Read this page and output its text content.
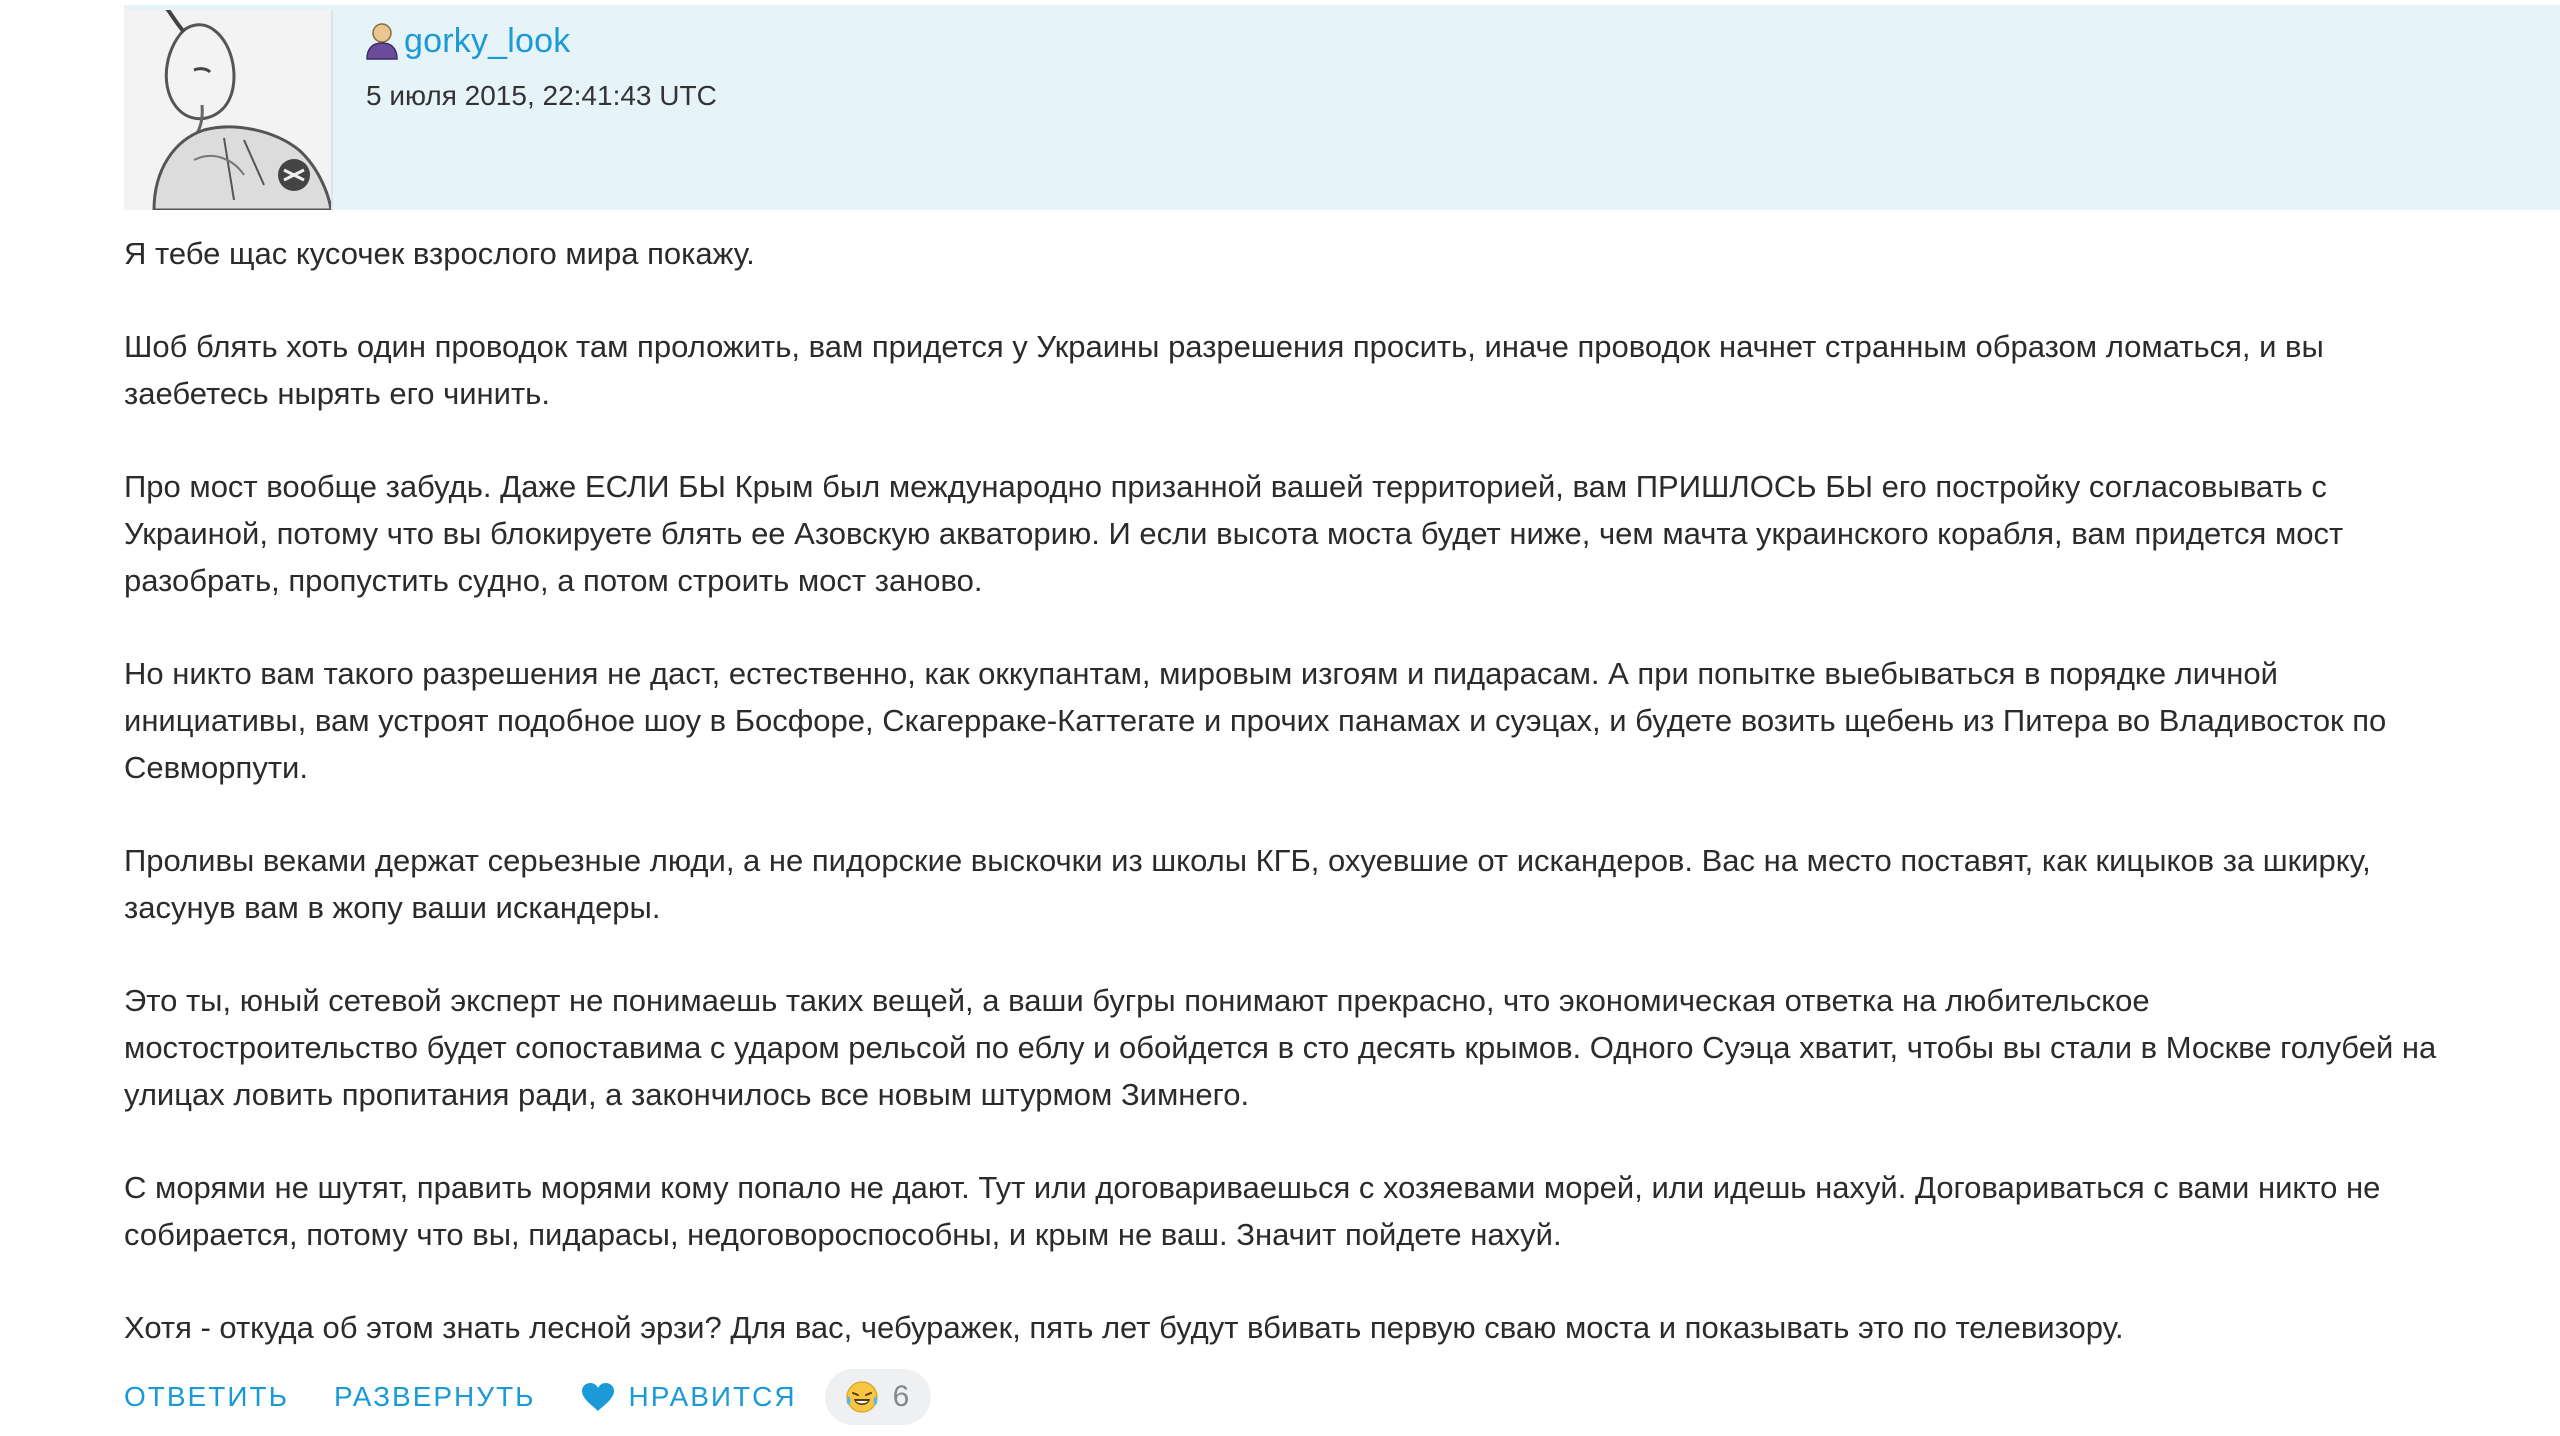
gorky_look
5 июля 2015, 22:41:43 UTC

Я тебе щас кусочек взрослого мира покажу.

Шоб блять хоть один проводок там проложить, вам придется у Украины разрешения просить, иначе проводок начнет странным образом ломаться, и вы заебетесь нырять его чинить.

Про мост вообще забудь. Даже ЕСЛИ БЫ Крым был международно призанной вашей территорией, вам ПРИШЛОСЬ БЫ его постройку согласовывать с Украиной, потому что вы блокируете блять ее Азовскую акваторию. И если высота моста будет ниже, чем мачта украинского корабля, вам придется мост разобрать, пропустить судно, а потом строить мост заново.

Но никто вам такого разрешения не даст, естественно, как оккупантам, мировым изгоям и пидарасам. А при попытке выебываться в порядке личной инициативы, вам устроят подобное шоу в Босфоре, Скагерраке-Каттегате и прочих панамах и суэцах, и будете возить щебень из Питера во Владивосток по Севморпути.

Проливы веками держат серьезные люди, а не пидорские выскочки из школы КГБ, охуевшие от искандеров. Вас на место поставят, как кицыков за шкирку, засунув вам в жопу ваши искандеры.

Это ты, юный сетевой эксперт не понимаешь таких вещей, а ваши бугры понимают прекрасно, что экономическая ответка на любительское мостостроительство будет сопоставима с ударом рельсой по еблу и обойдется в сто десять крымов. Одного Суэца хватит, чтобы вы стали в Москве голубей на улицах ловить пропитания ради, а закончилось все новым штурмом Зимнего.

С морями не шутят, править морями кому попало не дают. Тут или договариваешься с хозяевами морей, или идешь нахуй. Договариваться с вами никто не собирается, потому что вы, пидарасы, недоговороспособны, и крым не ваш. Значит пойдете нахуй.

Хотя - откуда об этом знать лесной эрзи? Для вас, чебуражек, пять лет будут вбивать первую сваю моста и показывать это по телевизору.

ОТВЕТИТЬ РАЗВЕРНУТЬ	НРАВИТСЯ	6
